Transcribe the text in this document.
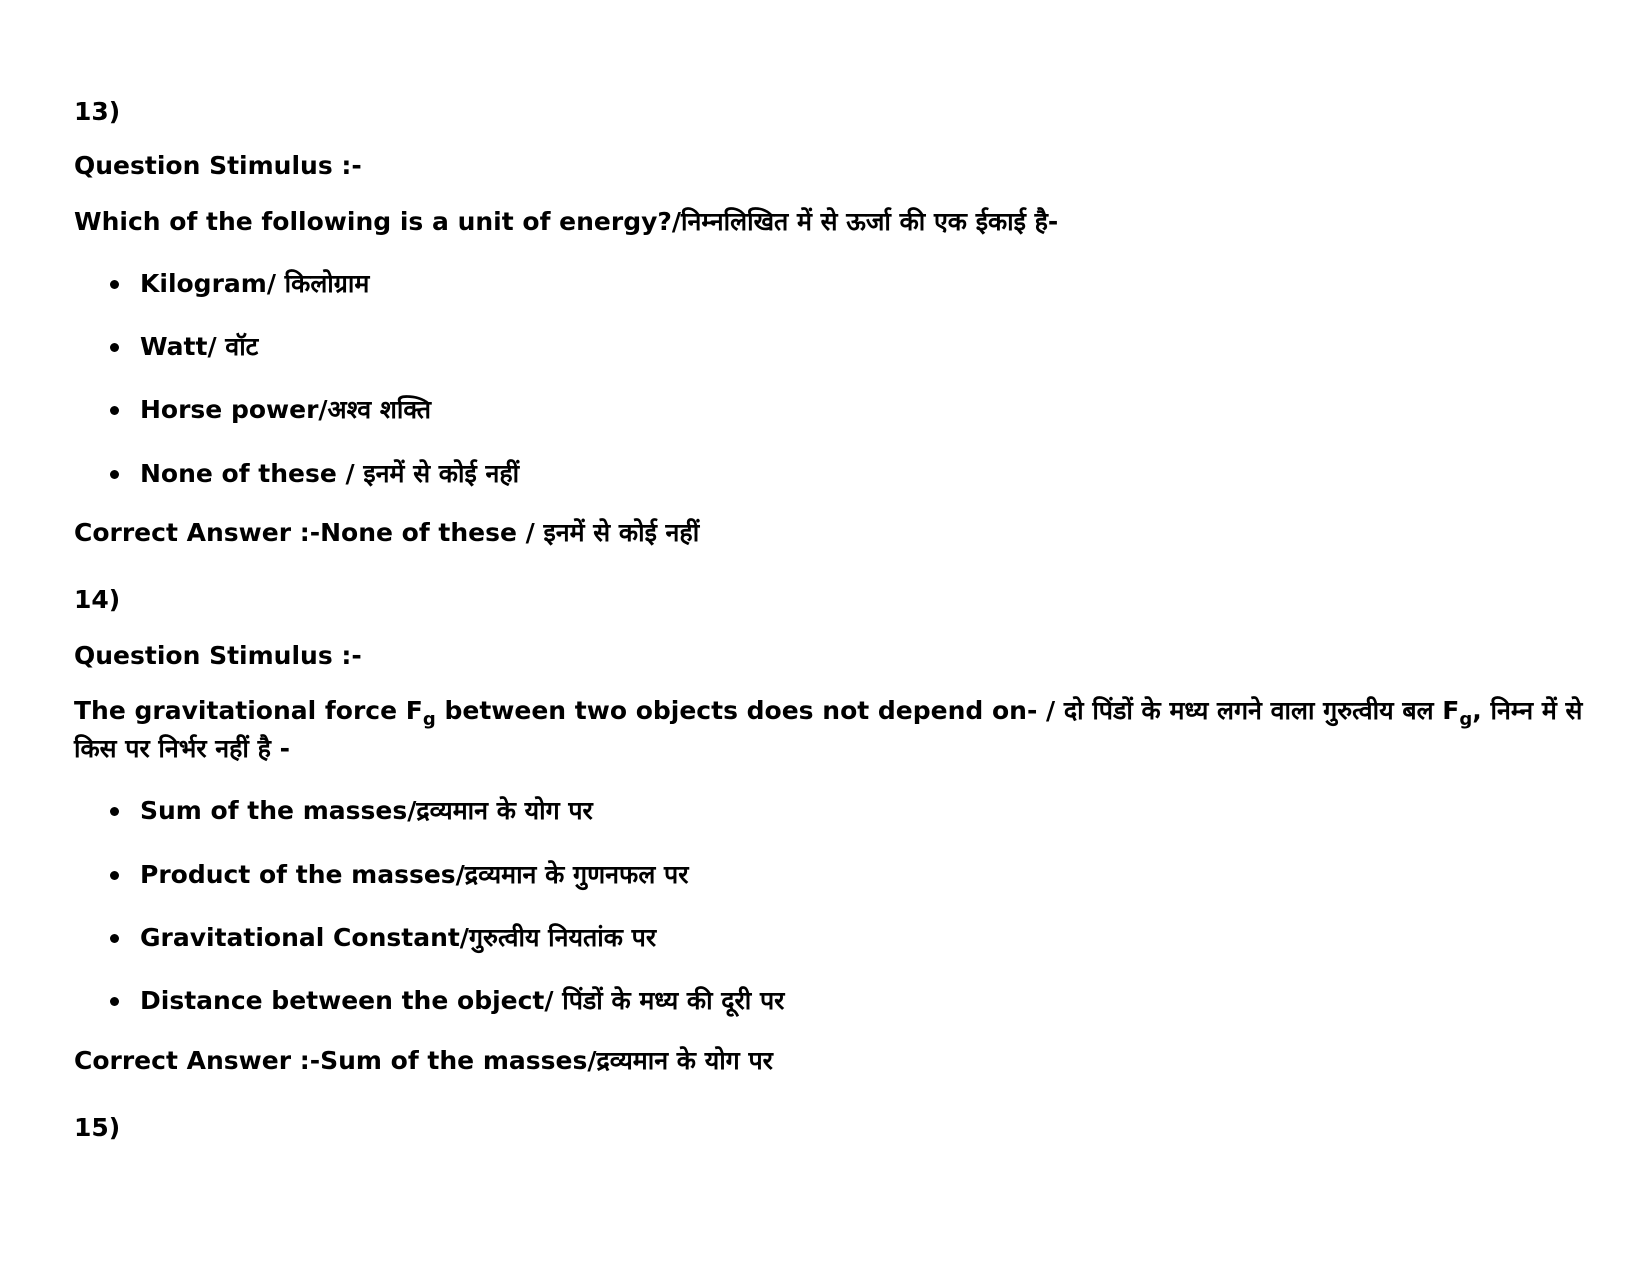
13)
Question Stimulus :-
Which of the following is a unit of energy?/निम्नलिखित में से ऊर्जा की एक ईकाई है-
Kilogram/ किलोग्राम
Watt/ वॉट
Horse power/अश्व शक्ति
None of these / इनमें से कोई नहीं
Correct Answer :-None of these / इनमें से कोई नहीं
14)
Question Stimulus :-
The gravitational force $F_g$ between two objects does not depend on- / दो पिंडों के मध्य लगने वाला गुरुत्वीय बल $F_g$, निम्न में से किस पर निर्भर नहीं है -
Sum of the masses/द्रव्यमान के योग पर
Product of the masses/द्रव्यमान के गुणनफल पर
Gravitational Constant/गुरुत्वीय नियतांक पर
Distance between the object/ पिंडों के मध्य की दूरी पर
Correct Answer :-Sum of the masses/द्रव्यमान के योग पर
15)
